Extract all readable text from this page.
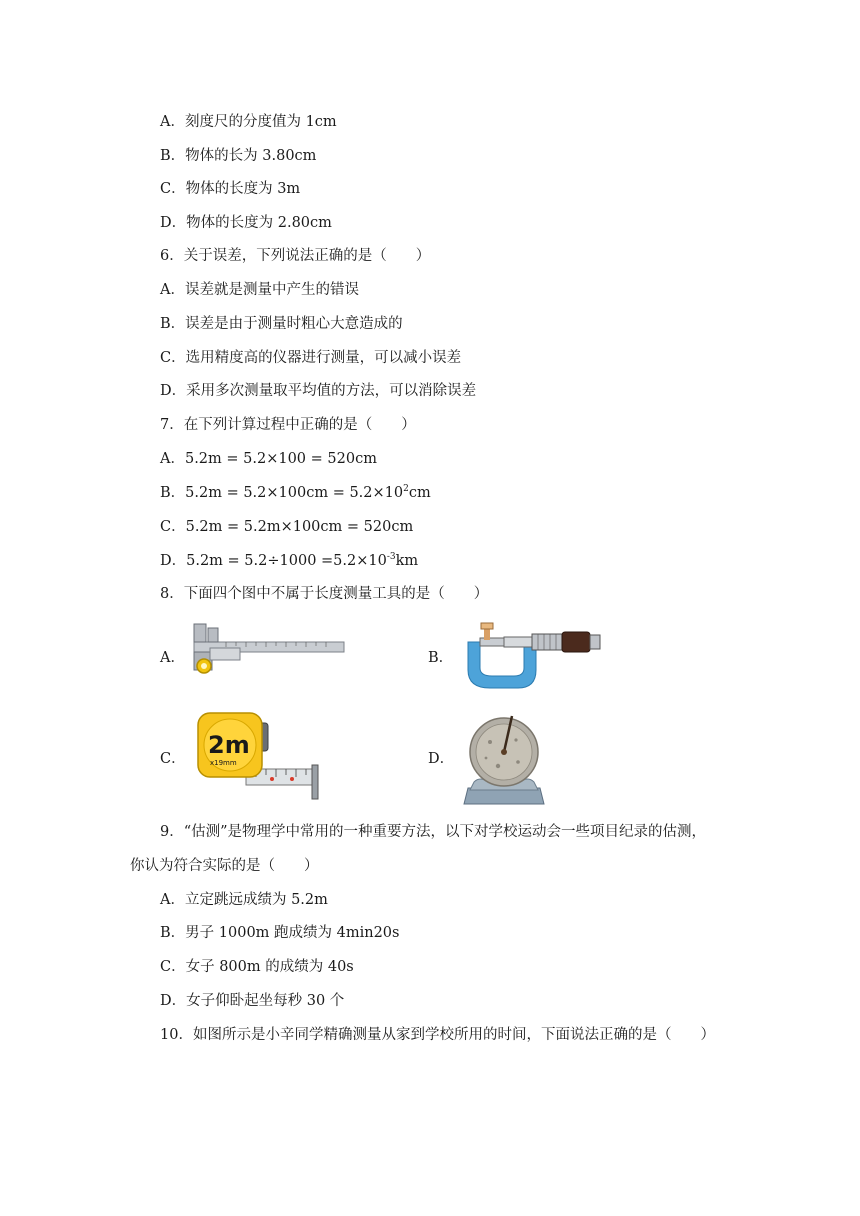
A．刻度尺的分度值为 1cm
B．物体的长为 3.80cm
C．物体的长度为 3m
D．物体的长度为 2.80cm
6．关于误差，下列说法正确的是（　　）
A．误差就是测量中产生的错误
B．误差是由于测量时粗心大意造成的
C．选用精度高的仪器进行测量，可以减小误差
D．采用多次测量取平均值的方法，可以消除误差
7．在下列计算过程中正确的是（　　）
A．5.2m = 5.2×100 = 520cm
B．$5.2m = 5.2\times 100cm = 5.2\times 10^2cm$
C．5.2m = 5.2m×100cm = 520cm
D．$5.2m = 5.2\div 1000 =5.2\times 10^{-3}km$
8．下面四个图中不属于长度测量工具的是（　　）
A．	B．
C．	D．
2m
x19mm
9．“估测”是物理学中常用的一种重要方法，以下对学校运动会一些项目纪录的估测，
你认为符合实际的是（　　）
A．立定跳远成绩为 5.2m
B．男子 1000m 跑成绩为 4min20s
C．女子 800m 的成绩为 40s
D．女子仰卧起坐每秒 30 个
10．如图所示是小辛同学精确测量从家到学校所用的时间，下面说法正确的是（　　）
